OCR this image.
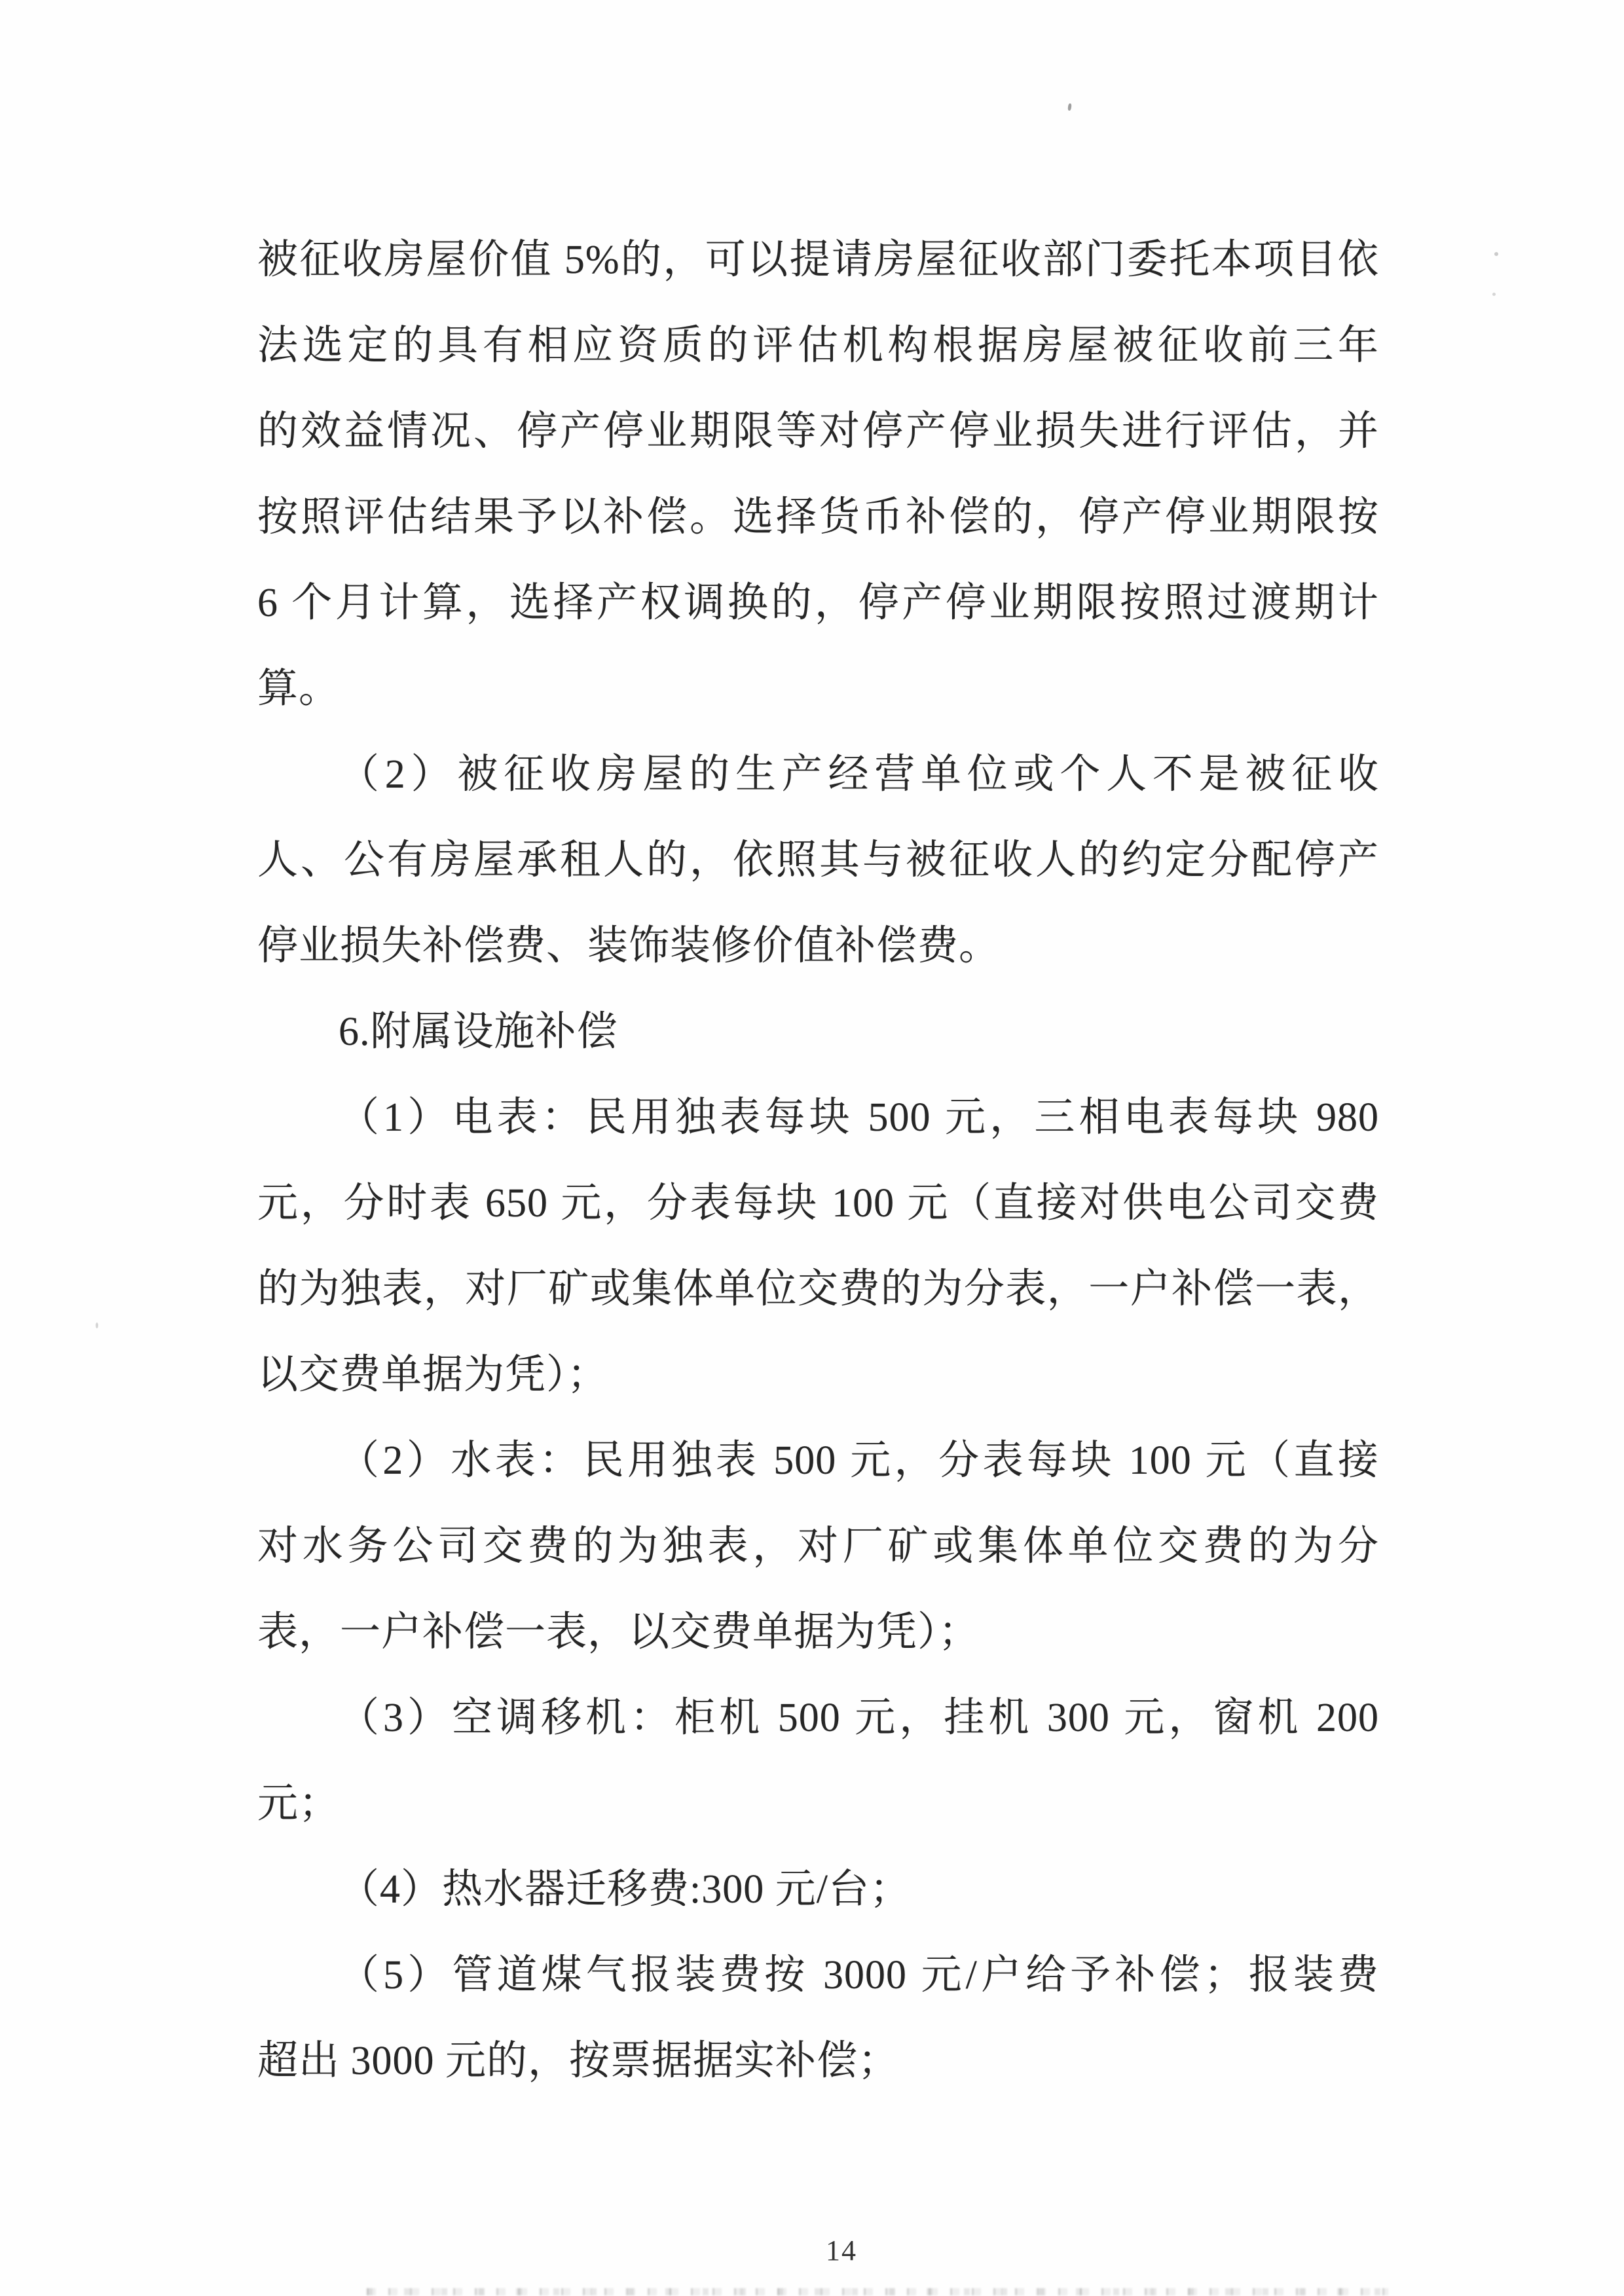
被征收房屋价值 5%的，可以提请房屋征收部门委托本项目依
法选定的具有相应资质的评估机构根据房屋被征收前三年
的效益情况、停产停业期限等对停产停业损失进行评估，并
按照评估结果予以补偿。选择货币补偿的，停产停业期限按
6 个月计算，选择产权调换的，停产停业期限按照过渡期计
算。
（2）被征收房屋的生产经营单位或个人不是被征收
人、公有房屋承租人的，依照其与被征收人的约定分配停产
停业损失补偿费、装饰装修价值补偿费。
6.附属设施补偿
（1）电表：民用独表每块 500 元，三相电表每块 980
元，分时表 650 元，分表每块 100 元（直接对供电公司交费
的为独表，对厂矿或集体单位交费的为分表，一户补偿一表，
以交费单据为凭）；
（2）水表：民用独表 500 元，分表每块 100 元（直接
对水务公司交费的为独表，对厂矿或集体单位交费的为分
表，一户补偿一表，以交费单据为凭）；
（3）空调移机：柜机 500 元，挂机 300 元，窗机 200
元；
（4）热水器迁移费:300 元/台；
（5）管道煤气报装费按 3000 元/户给予补偿；报装费
超出 3000 元的，按票据据实补偿；
14
